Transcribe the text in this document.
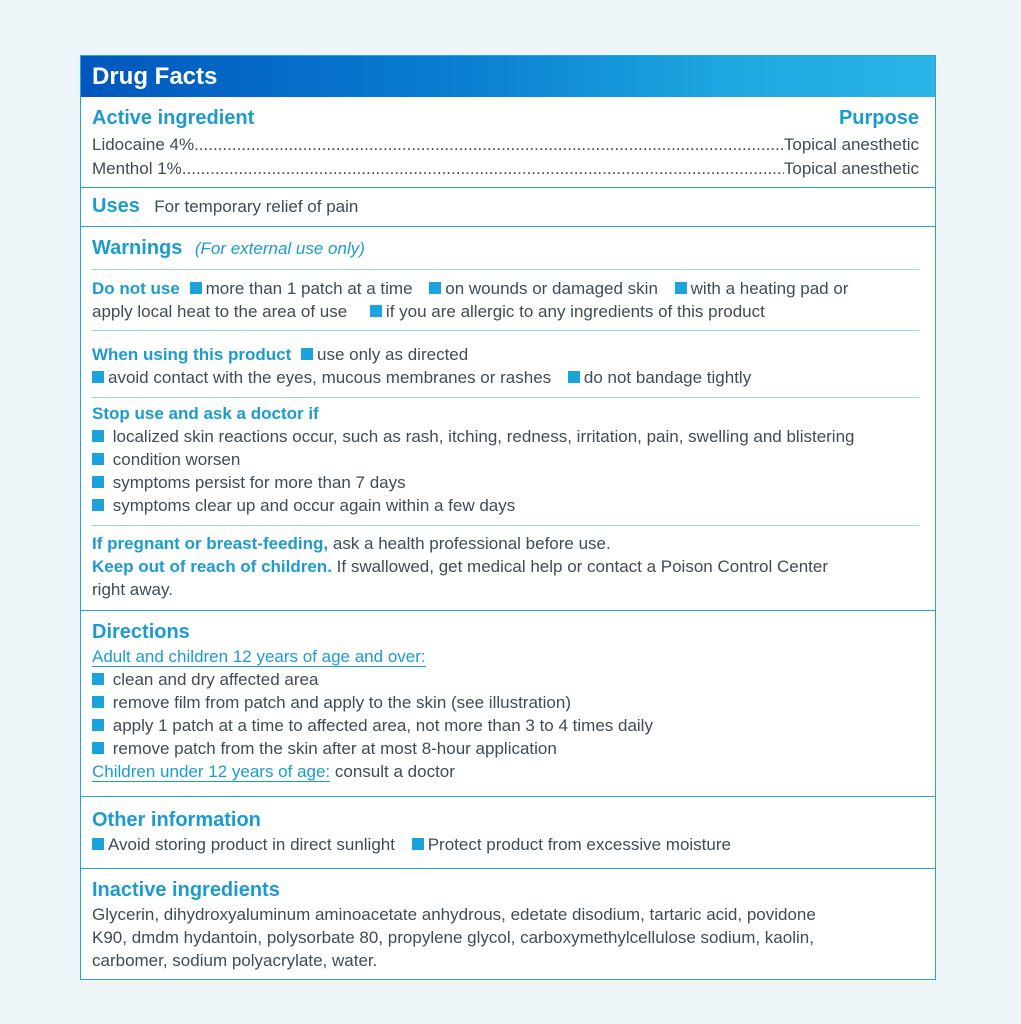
Drug Facts
Active ingredient	Purpose
Lidocaine 4% .....	Topical anesthetic
Menthol 1% .....	Topical anesthetic
Uses For temporary relief of pain
Warnings (For external use only)
Do not use more than 1 patch at a time on wounds or damaged skin with a heating pad or
apply local heat to the area of use if you are allergic to any ingredients of this product
When using this product use only as directed
avoid contact with the eyes, mucous membranes or rashes do not bandage tightly
Stop use and ask a doctor if
localized skin reactions occur, such as rash, itching, redness, irritation, pain, swelling and blistering
condition worsen
symptoms persist for more than 7 days
symptoms clear up and occur again within a few days
If pregnant or breast-feeding, ask a health professional before use.
Keep out of reach of children. If swallowed, get medical help or contact a Poison Control Center
right away.
Directions
Adult and children 12 years of age and over:
clean and dry affected area
remove film from patch and apply to the skin (see illustration)
apply 1 patch at a time to affected area, not more than 3 to 4 times daily
remove patch from the skin after at most 8-hour application
Children under 12 years of age: consult a doctor
Other information
Avoid storing product in direct sunlight Protect product from excessive moisture
Inactive ingredients
Glycerin, dihydroxyaluminum aminoacetate anhydrous, edetate disodium, tartaric acid, povidone
K90, dmdm hydantoin, polysorbate 80, propylene glycol, carboxymethylcellulose sodium, kaolin,
carbomer, sodium polyacrylate, water.
